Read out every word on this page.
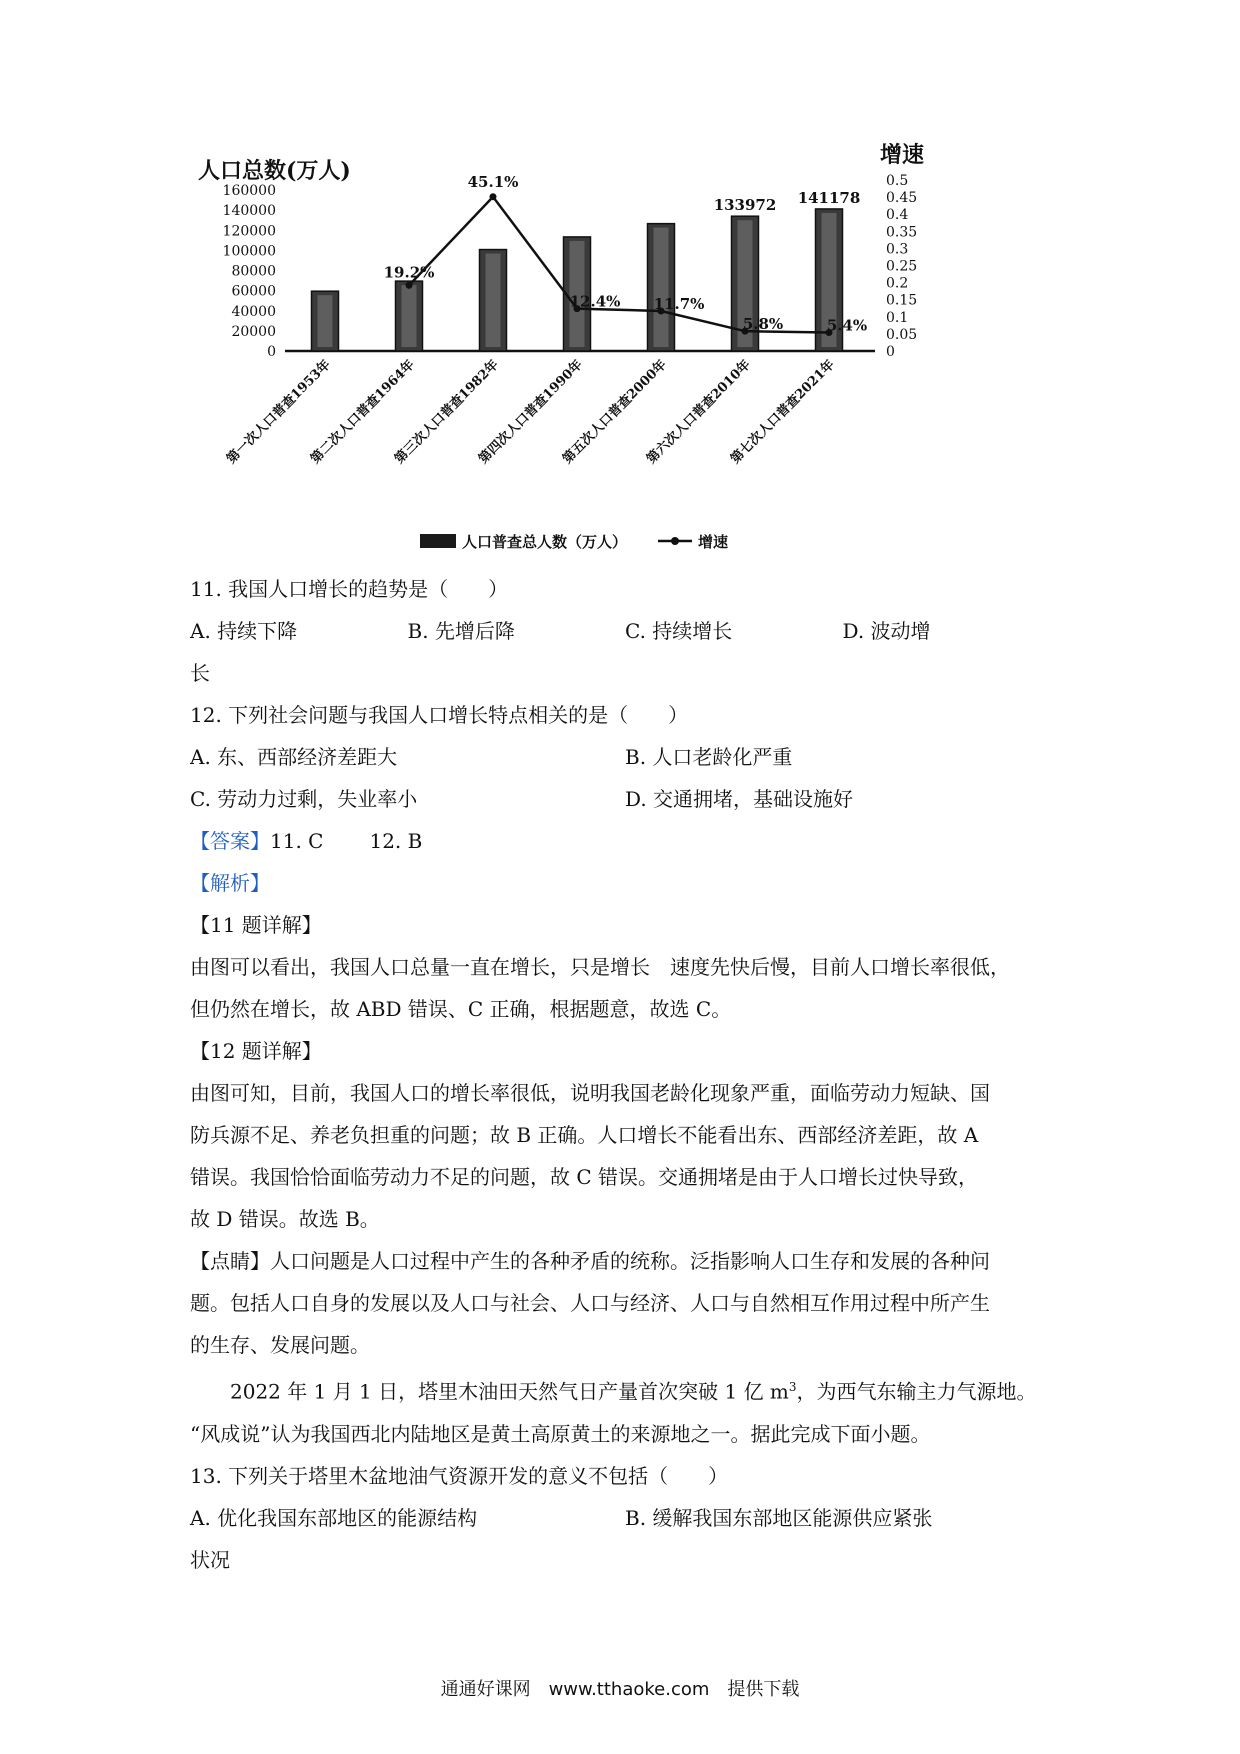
人口总数(万人)
增速
160000
140000
120000
100000
80000
60000
40000
20000
0
0.5
0.45
0.4
0.35
0.3
0.25
0.2
0.15
0.1
0.05
0
133972 141178
19.2%
45.1%
12.4% 11.7%
5.8%	5.4%
第一次人口普查1953年
第二次人口普查1964年
第三次人口普查1982年
第四次人口普查1990年
第五次人口普查2000年
第六次人口普查2010年
第七次人口普查2021年
人口普查总人数（万人）	增速
11. 我国人口增长的趋势是（　　）
A. 持续下降	B. 先增后降	C. 持续增长	D. 波动增
长
12. 下列社会问题与我国人口增长特点相关的是（　　）
A. 东、西部经济差距大	B. 人口老龄化严重
C. 劳动力过剩，失业率小	D. 交通拥堵，基础设施好
【答案】11. C 12. B
【解析】
【11 题详解】
由图可以看出，我国人口总量一直在增长，只是增长　速度先快后慢，目前人口增长率很低，
但仍然在增长，故 ABD 错误、C 正确，根据题意，故选 C。
【12 题详解】
由图可知，目前，我国人口的增长率很低，说明我国老龄化现象严重，面临劳动力短缺、国
防兵源不足、养老负担重的问题；故 B 正确。人口增长不能看出东、西部经济差距，故 A
错误。我国恰恰面临劳动力不足的问题，故 C 错误。交通拥堵是由于人口增长过快导致，
故 D 错误。故选 B。
【点睛】人口问题是人口过程中产生的各种矛盾的统称。泛指影响人口生存和发展的各种问
题。包括人口自身的发展以及人口与社会、人口与经济、人口与自然相互作用过程中所产生
的生存、发展问题。
2022 年 1 月 1 日，塔里木油田天然气日产量首次突破 1 亿 $m^3$，为西气东输主力气源地。
“风成说”认为我国西北内陆地区是黄土高原黄土的来源地之一。据此完成下面小题。
13. 下列关于塔里木盆地油气资源开发的意义不包括（　　）
A. 优化我国东部地区的能源结构	B. 缓解我国东部地区能源供应紧张
状况
通通好课网　www.tthaoke.com　提供下载
